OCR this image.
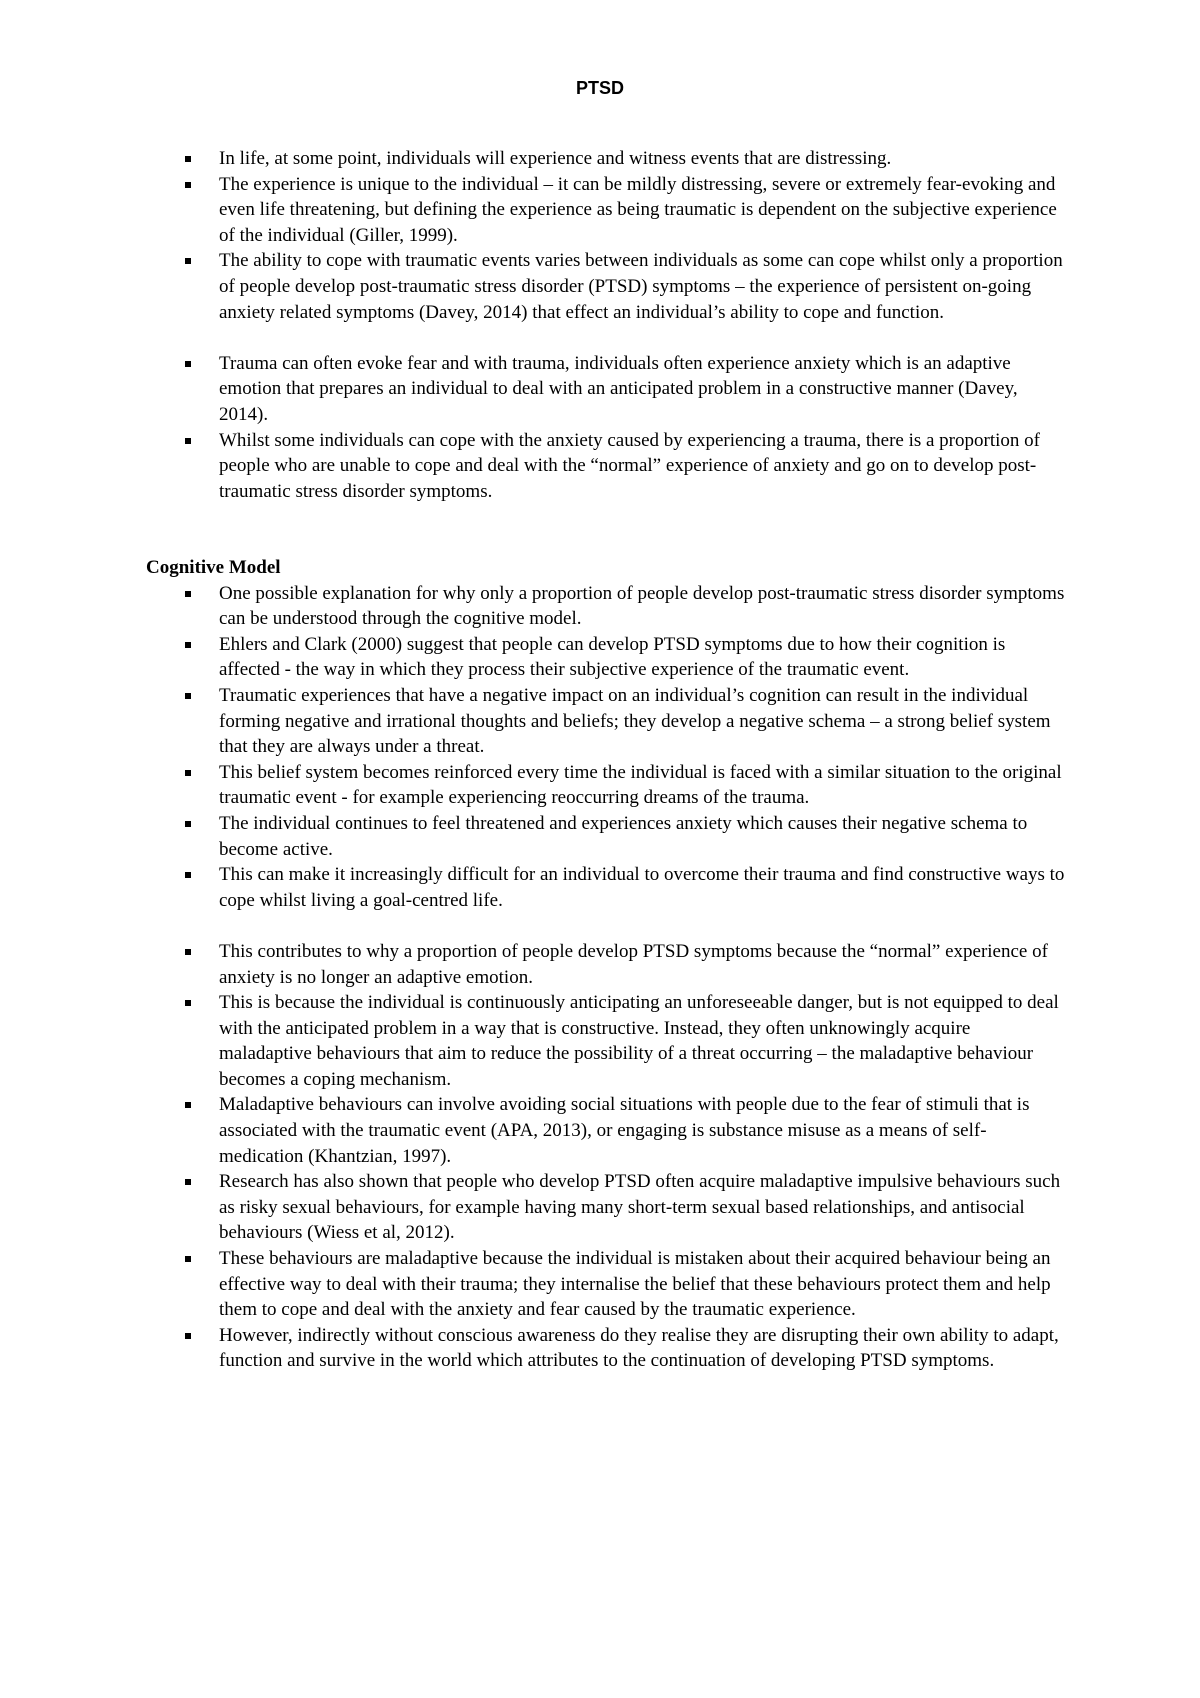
PTSD
In life, at some point, individuals will experience and witness events that are distressing.
The experience is unique to the individual – it can be mildly distressing, severe or extremely fear-evoking and even life threatening, but defining the experience as being traumatic is dependent on the subjective experience of the individual (Giller, 1999).
The ability to cope with traumatic events varies between individuals as some can cope whilst only a proportion of people develop post-traumatic stress disorder (PTSD) symptoms – the experience of persistent on-going anxiety related symptoms (Davey, 2014) that effect an individual’s ability to cope and function.
Trauma can often evoke fear and with trauma, individuals often experience anxiety which is an adaptive emotion that prepares an individual to deal with an anticipated problem in a constructive manner (Davey, 2014).
Whilst some individuals can cope with the anxiety caused by experiencing a trauma, there is a proportion of people who are unable to cope and deal with the “normal” experience of anxiety and go on to develop post-traumatic stress disorder symptoms.

Cognitive Model

One possible explanation for why only a proportion of people develop post-traumatic stress disorder symptoms can be understood through the cognitive model.
Ehlers and Clark (2000) suggest that people can develop PTSD symptoms due to how their cognition is affected - the way in which they process their subjective experience of the traumatic event.
Traumatic experiences that have a negative impact on an individual’s cognition can result in the individual forming negative and irrational thoughts and beliefs; they develop a negative schema – a strong belief system that they are always under a threat.
This belief system becomes reinforced every time the individual is faced with a similar situation to the original traumatic event - for example experiencing reoccurring dreams of the trauma.
The individual continues to feel threatened and experiences anxiety which causes their negative schema to become active.
This can make it increasingly difficult for an individual to overcome their trauma and find constructive ways to cope whilst living a goal-centred life.
This contributes to why a proportion of people develop PTSD symptoms because the “normal” experience of anxiety is no longer an adaptive emotion.
This is because the individual is continuously anticipating an unforeseeable danger, but is not equipped to deal with the anticipated problem in a way that is constructive. Instead, they often unknowingly acquire maladaptive behaviours that aim to reduce the possibility of a threat occurring – the maladaptive behaviour becomes a coping mechanism.
Maladaptive behaviours can involve avoiding social situations with people due to the fear of stimuli that is associated with the traumatic event (APA, 2013), or engaging is substance misuse as a means of self-medication (Khantzian, 1997).
Research has also shown that people who develop PTSD often acquire maladaptive impulsive behaviours such as risky sexual behaviours, for example having many short-term sexual based relationships, and antisocial behaviours (Wiess et al, 2012).
These behaviours are maladaptive because the individual is mistaken about their acquired behaviour being an effective way to deal with their trauma; they internalise the belief that these behaviours protect them and help them to cope and deal with the anxiety and fear caused by the traumatic experience.
However, indirectly without conscious awareness do they realise they are disrupting their own ability to adapt, function and survive in the world which attributes to the continuation of developing PTSD symptoms.
